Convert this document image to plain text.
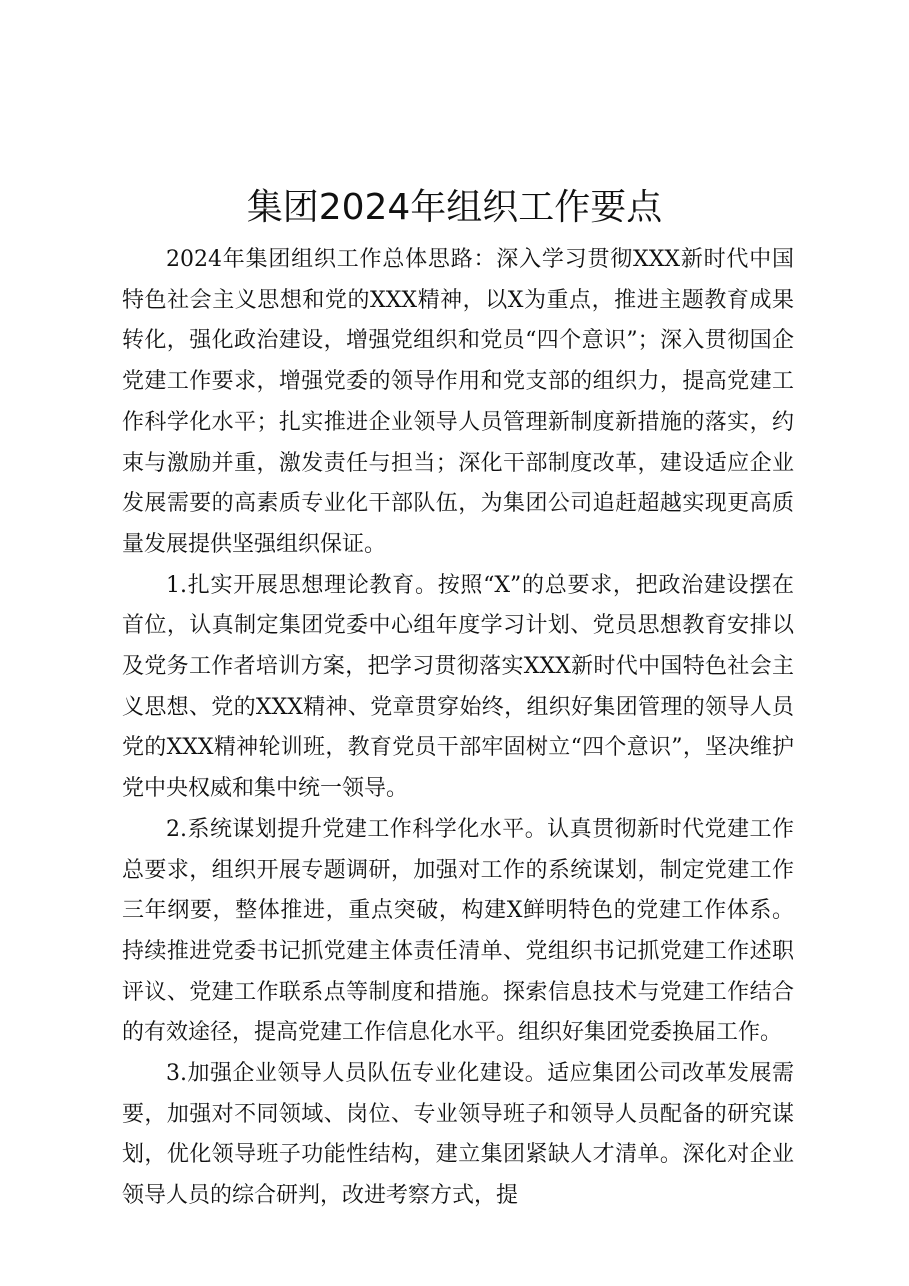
集团2024年组织工作要点

2024年集团组织工作总体思路：深入学习贯彻XXX新时代中国特色社会主义思想和党的XXX精神，以X为重点，推进主题教育成果转化，强化政治建设，增强党组织和党员“四个意识”；深入贯彻国企党建工作要求，增强党委的领导作用和党支部的组织力，提高党建工作科学化水平；扎实推进企业领导人员管理新制度新措施的落实，约束与激励并重，激发责任与担当；深化干部制度改革，建设适应企业发展需要的高素质专业化干部队伍，为集团公司追赶超越实现更高质量发展提供坚强组织保证。

1.扎实开展思想理论教育。按照“X”的总要求，把政治建设摆在首位，认真制定集团党委中心组年度学习计划、党员思想教育安排以及党务工作者培训方案，把学习贯彻落实XXX新时代中国特色社会主义思想、党的XXX精神、党章贯穿始终，组织好集团管理的领导人员党的XXX精神轮训班，教育党员干部牢固树立“四个意识”，坚决维护党中央权威和集中统一领导。

2.系统谋划提升党建工作科学化水平。认真贯彻新时代党建工作总要求，组织开展专题调研，加强对工作的系统谋划，制定党建工作三年纲要，整体推进，重点突破，构建X鲜明特色的党建工作体系。持续推进党委书记抓党建主体责任清单、党组织书记抓党建工作述职评议、党建工作联系点等制度和措施。探索信息技术与党建工作结合的有效途径，提高党建工作信息化水平。组织好集团党委换届工作。

3.加强企业领导人员队伍专业化建设。适应集团公司改革发展需要，加强对不同领域、岗位、专业领导班子和领导人员配备的研究谋划，优化领导班子功能性结构，建立集团紧缺人才清单。深化对企业领导人员的综合研判，改进考察方式，提
